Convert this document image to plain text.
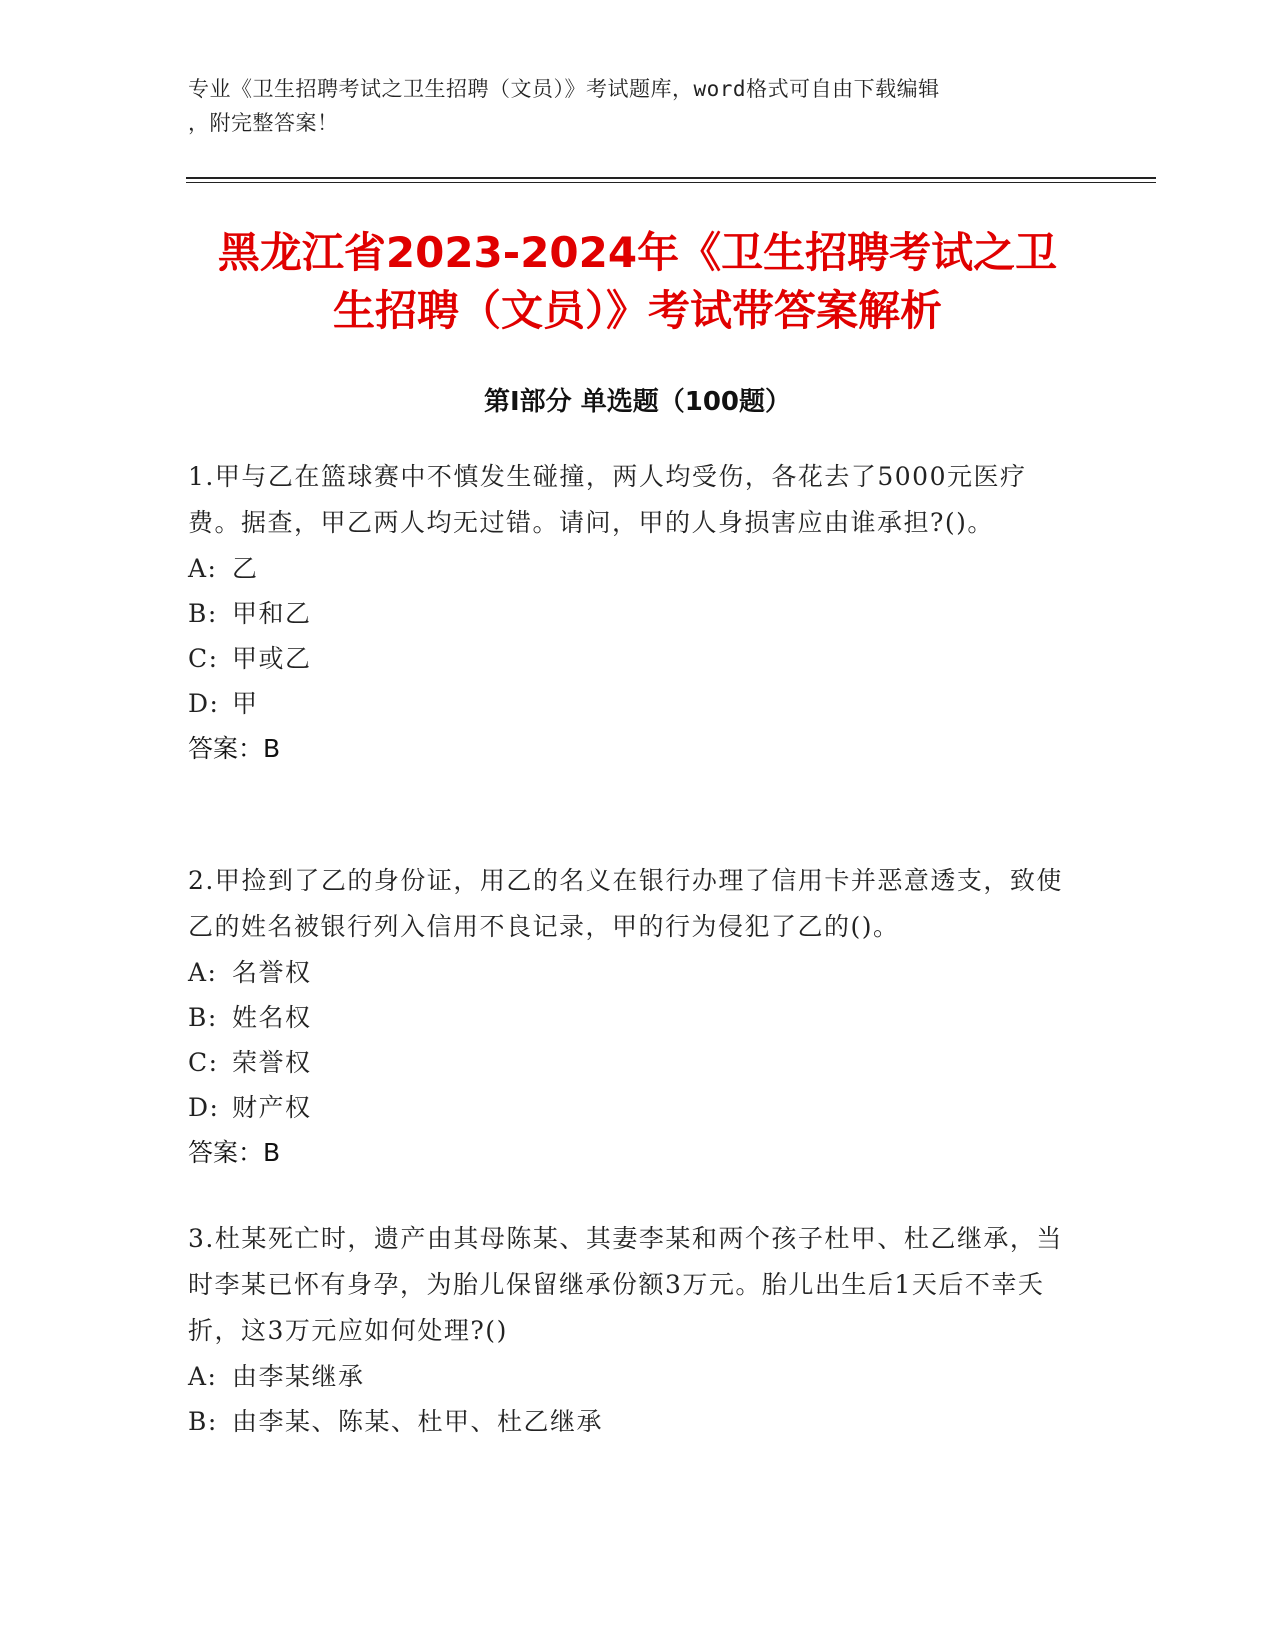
专业《卫生招聘考试之卫生招聘（文员）》考试题库，word格式可自由下载编辑
，附完整答案！
黑龙江省2023-2024年《卫生招聘考试之卫
生招聘（文员）》考试带答案解析
第I部分 单选题（100题）
1.甲与乙在篮球赛中不慎发生碰撞，两人均受伤，各花去了5000元医疗费。据查，甲乙两人均无过错。请问，甲的人身损害应由谁承担?()。
A: 乙
B: 甲和乙
C: 甲或乙
D: 甲
答案：B
2.甲捡到了乙的身份证，用乙的名义在银行办理了信用卡并恶意透支，致使乙的姓名被银行列入信用不良记录，甲的行为侵犯了乙的()。
A: 名誉权
B: 姓名权
C: 荣誉权
D: 财产权
答案：B
3.杜某死亡时，遗产由其母陈某、其妻李某和两个孩子杜甲、杜乙继承，当时李某已怀有身孕，为胎儿保留继承份额3万元。胎儿出生后1天后不幸夭折，这3万元应如何处理?()
A: 由李某继承
B: 由李某、陈某、杜甲、杜乙继承
